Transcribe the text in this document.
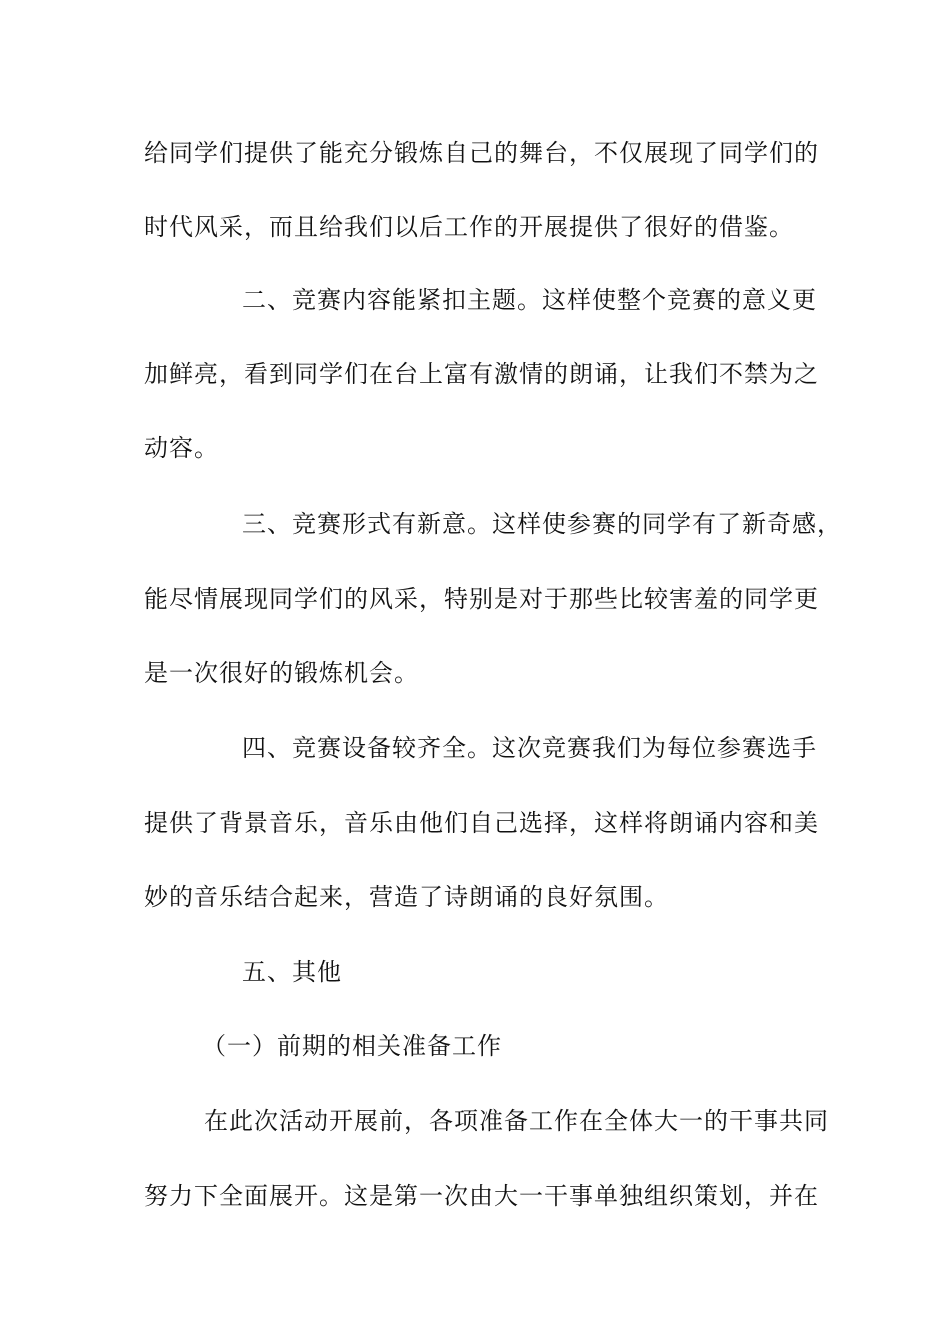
给同学们提供了能充分锻炼自己的舞台，不仅展现了同学们的
时代风采，而且给我们以后工作的开展提供了很好的借鉴。
二、竞赛内容能紧扣主题。这样使整个竞赛的意义更
加鲜亮，看到同学们在台上富有激情的朗诵，让我们不禁为之
动容。
三、竞赛形式有新意。这样使参赛的同学有了新奇感，
能尽情展现同学们的风采，特别是对于那些比较害羞的同学更
是一次很好的锻炼机会。
四、竞赛设备较齐全。这次竞赛我们为每位参赛选手
提供了背景音乐，音乐由他们自己选择，这样将朗诵内容和美
妙的音乐结合起来，营造了诗朗诵的良好氛围。
五、其他
（一）前期的相关准备工作
在此次活动开展前，各项准备工作在全体大一的干事共同
努力下全面展开。这是第一次由大一干事单独组织策划，并在
